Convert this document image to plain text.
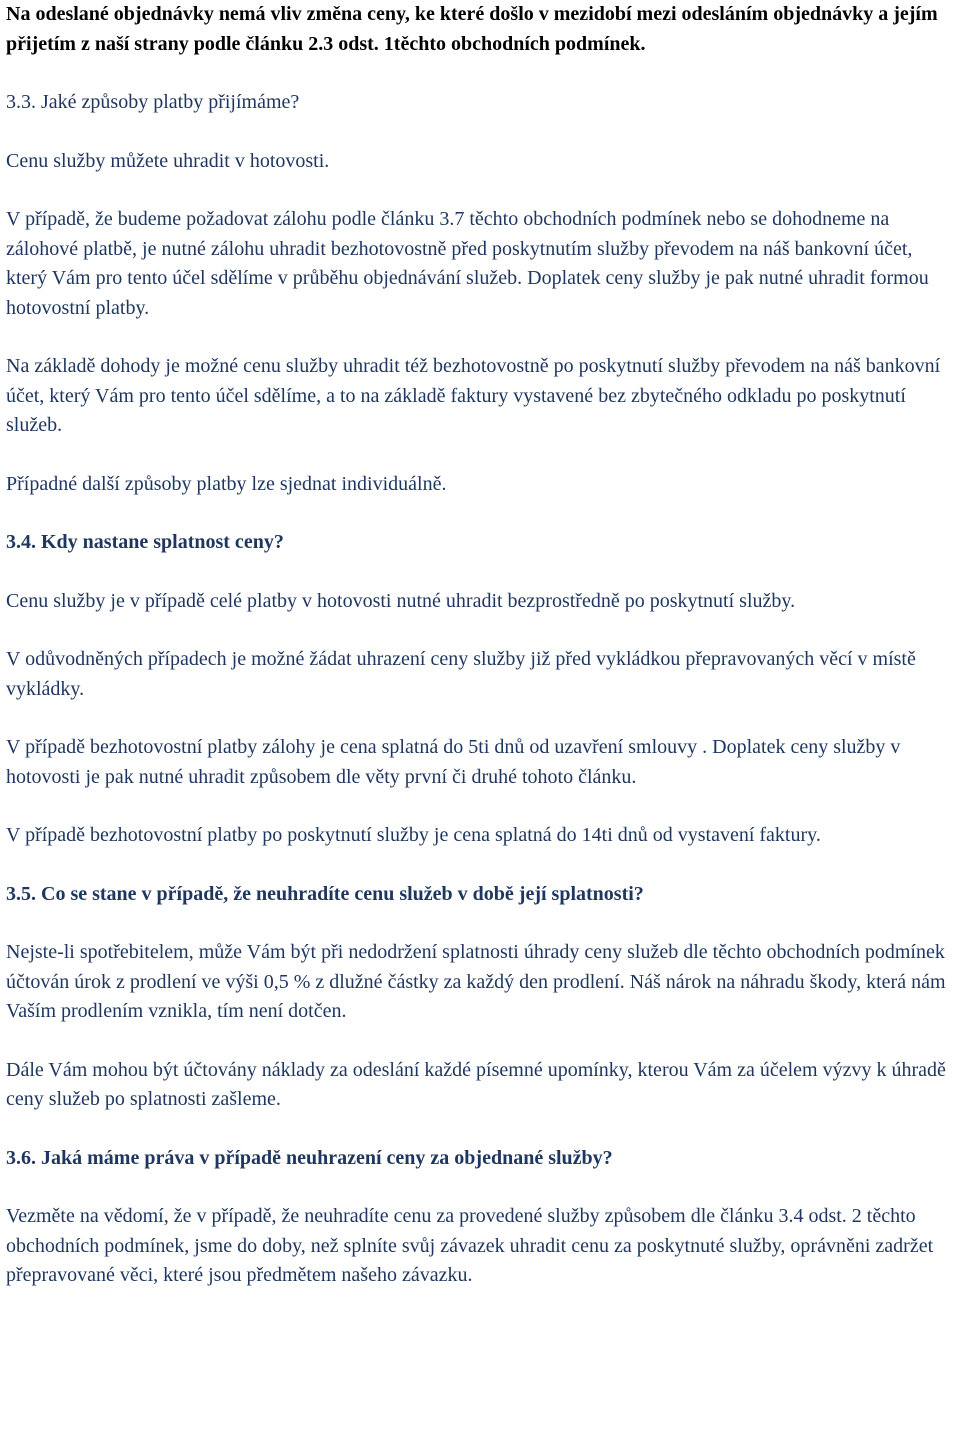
Na odeslané objednávky nemá vliv změna ceny, ke které došlo v mezidobí mezi odesláním objednávky a jejím přijetím z naší strany podle článku 2.3 odst. 1těchto obchodních podmínek.

3.3. Jaké způsoby platby přijímáme?

Cenu služby můžete uhradit v hotovosti.

V případě, že budeme požadovat zálohu podle článku 3.7 těchto obchodních podmínek nebo se dohodneme na zálohové platbě, je nutné zálohu uhradit bezhotovostně před poskytnutím služby převodem na náš bankovní účet, který Vám pro tento účel sdělíme v průběhu objednávání služeb. Doplatek ceny služby je pak nutné uhradit formou hotovostní platby.

Na základě dohody je možné cenu služby uhradit též bezhotovostně po poskytnutí služby převodem na náš bankovní účet, který Vám pro tento účel sdělíme, a to na základě faktury vystavené bez zbytečného odkladu po poskytnutí služeb.

Případné další způsoby platby lze sjednat individuálně.

3.4. Kdy nastane splatnost ceny?

Cenu služby je v případě celé platby v hotovosti nutné uhradit bezprostředně po poskytnutí služby.

V odůvodněných případech je možné žádat uhrazení ceny služby již před vykládkou přepravovaných věcí v místě vykládky.

V případě bezhotovostní platby zálohy je cena splatná do 5ti dnů od uzavření smlouvy . Doplatek ceny služby v hotovosti je pak nutné uhradit způsobem dle věty první či druhé tohoto článku.

V případě bezhotovostní platby po poskytnutí služby je cena splatná do 14ti dnů od vystavení faktury.

3.5. Co se stane v případě, že neuhradíte cenu služeb v době její splatnosti?

Nejste-li spotřebitelem, může Vám být při nedodržení splatnosti úhrady ceny služeb dle těchto obchodních podmínek účtován úrok z prodlení ve výši 0,5 % z dlužné částky za každý den prodlení. Náš nárok na náhradu škody, která nám Vaším prodlením vznikla, tím není dotčen.

Dále Vám mohou být účtovány náklady za odeslání každé písemné upomínky, kterou Vám za účelem výzvy k úhradě ceny služeb po splatnosti zašleme.

3.6. Jaká máme práva v případě neuhrazení ceny za objednané služby?

Vezměte na vědomí, že v případě, že neuhradíte cenu za provedené služby způsobem dle článku 3.4 odst. 2 těchto obchodních podmínek, jsme do doby, než splníte svůj závazek uhradit cenu za poskytnuté služby, oprávněni zadržet přepravované věci, které jsou předmětem našeho závazku.
